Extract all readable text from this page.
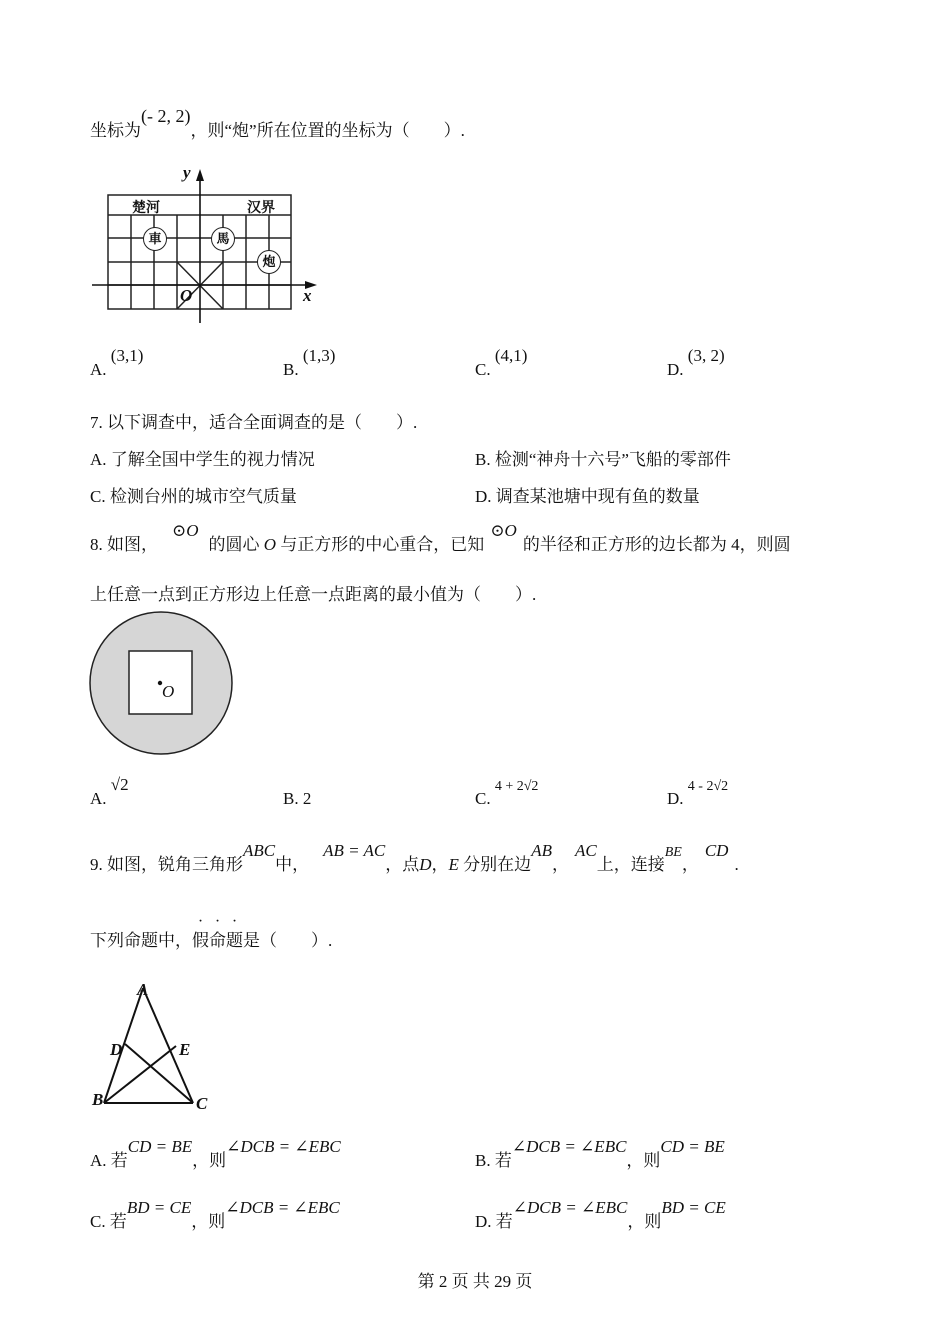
坐标为(- 2, 2)，则“炮”所在位置的坐标为（　　）.
y
x
O
楚河	汉界
車	馬
炮
A. (3,1)
B. (1,3)
C. (4,1)
D. (3, 2)
7. 以下调查中，适合全面调查的是（　　）.
A. 了解全国中学生的视力情况	B. 检测“神舟十六号”飞船的零部件
C. 检测台州的城市空气质量	D. 调查某池塘中现有鱼的数量
8. 如图，⊙O的圆心 O 与正方形的中心重合，已知⊙O的半径和正方形的边长都为 4，则圆
上任意一点到正方形边上任意一点距离的最小值为（　　）.
O
A. √2
B. 2	C. 4 + 2√2
D. 4 - 2√2
9. 如图，锐角三角形ABC中，AB = AC，点D，E 分别在边AB，AC上，连接BE，CD.
下列命题中，假命题
· · ·
是（　　）.
A
D	E
B	C
A. 若CD = BE，则∠DCB = ∠EBC
B. 若∠DCB = ∠EBC，则CD = BE
C. 若BD = CE，则∠DCB = ∠EBC
D. 若∠DCB = ∠EBC，则BD = CE
第 2 页 共 29 页
